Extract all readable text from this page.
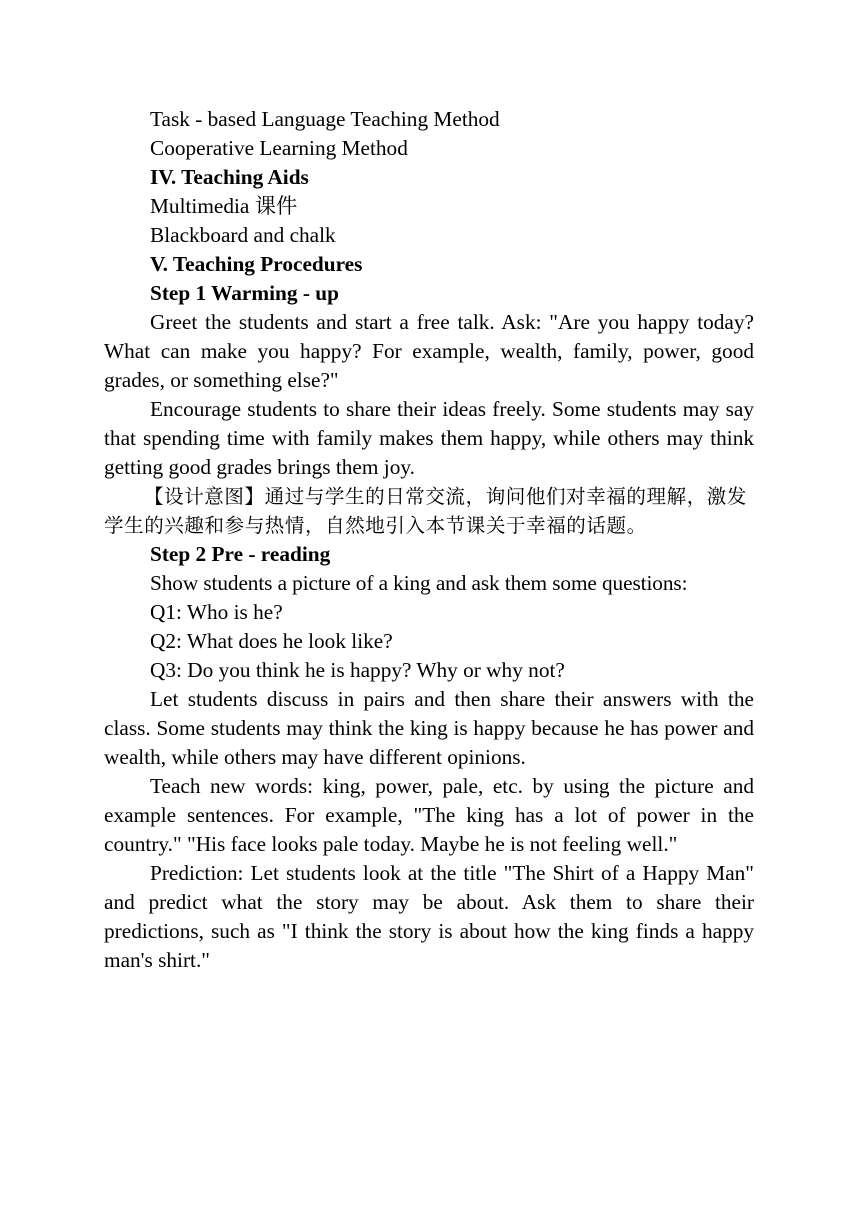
Task - based Language Teaching Method

Cooperative Learning Method

IV. Teaching Aids

Multimedia 课件

Blackboard and chalk

V. Teaching Procedures

Step 1 Warming - up

Greet the students and start a free talk. Ask: "Are you happy today? What can make you happy? For example, wealth, family, power, good grades, or something else?"

Encourage students to share their ideas freely. Some students may say that spending time with family makes them happy, while others may think getting good grades brings them joy.

【设计意图】通过与学生的日常交流，询问他们对幸福的理解，激发学生的兴趣和参与热情，自然地引入本节课关于幸福的话题。

Step 2 Pre - reading

Show students a picture of a king and ask them some questions:

Q1: Who is he?

Q2: What does he look like?

Q3: Do you think he is happy? Why or why not?

Let students discuss in pairs and then share their answers with the class. Some students may think the king is happy because he has power and wealth, while others may have different opinions.

Teach new words: king, power, pale, etc. by using the picture and example sentences. For example, "The king has a lot of power in the country." "His face looks pale today. Maybe he is not feeling well."

Prediction: Let students look at the title "The Shirt of a Happy Man" and predict what the story may be about. Ask them to share their predictions, such as "I think the story is about how the king finds a happy man's shirt."
